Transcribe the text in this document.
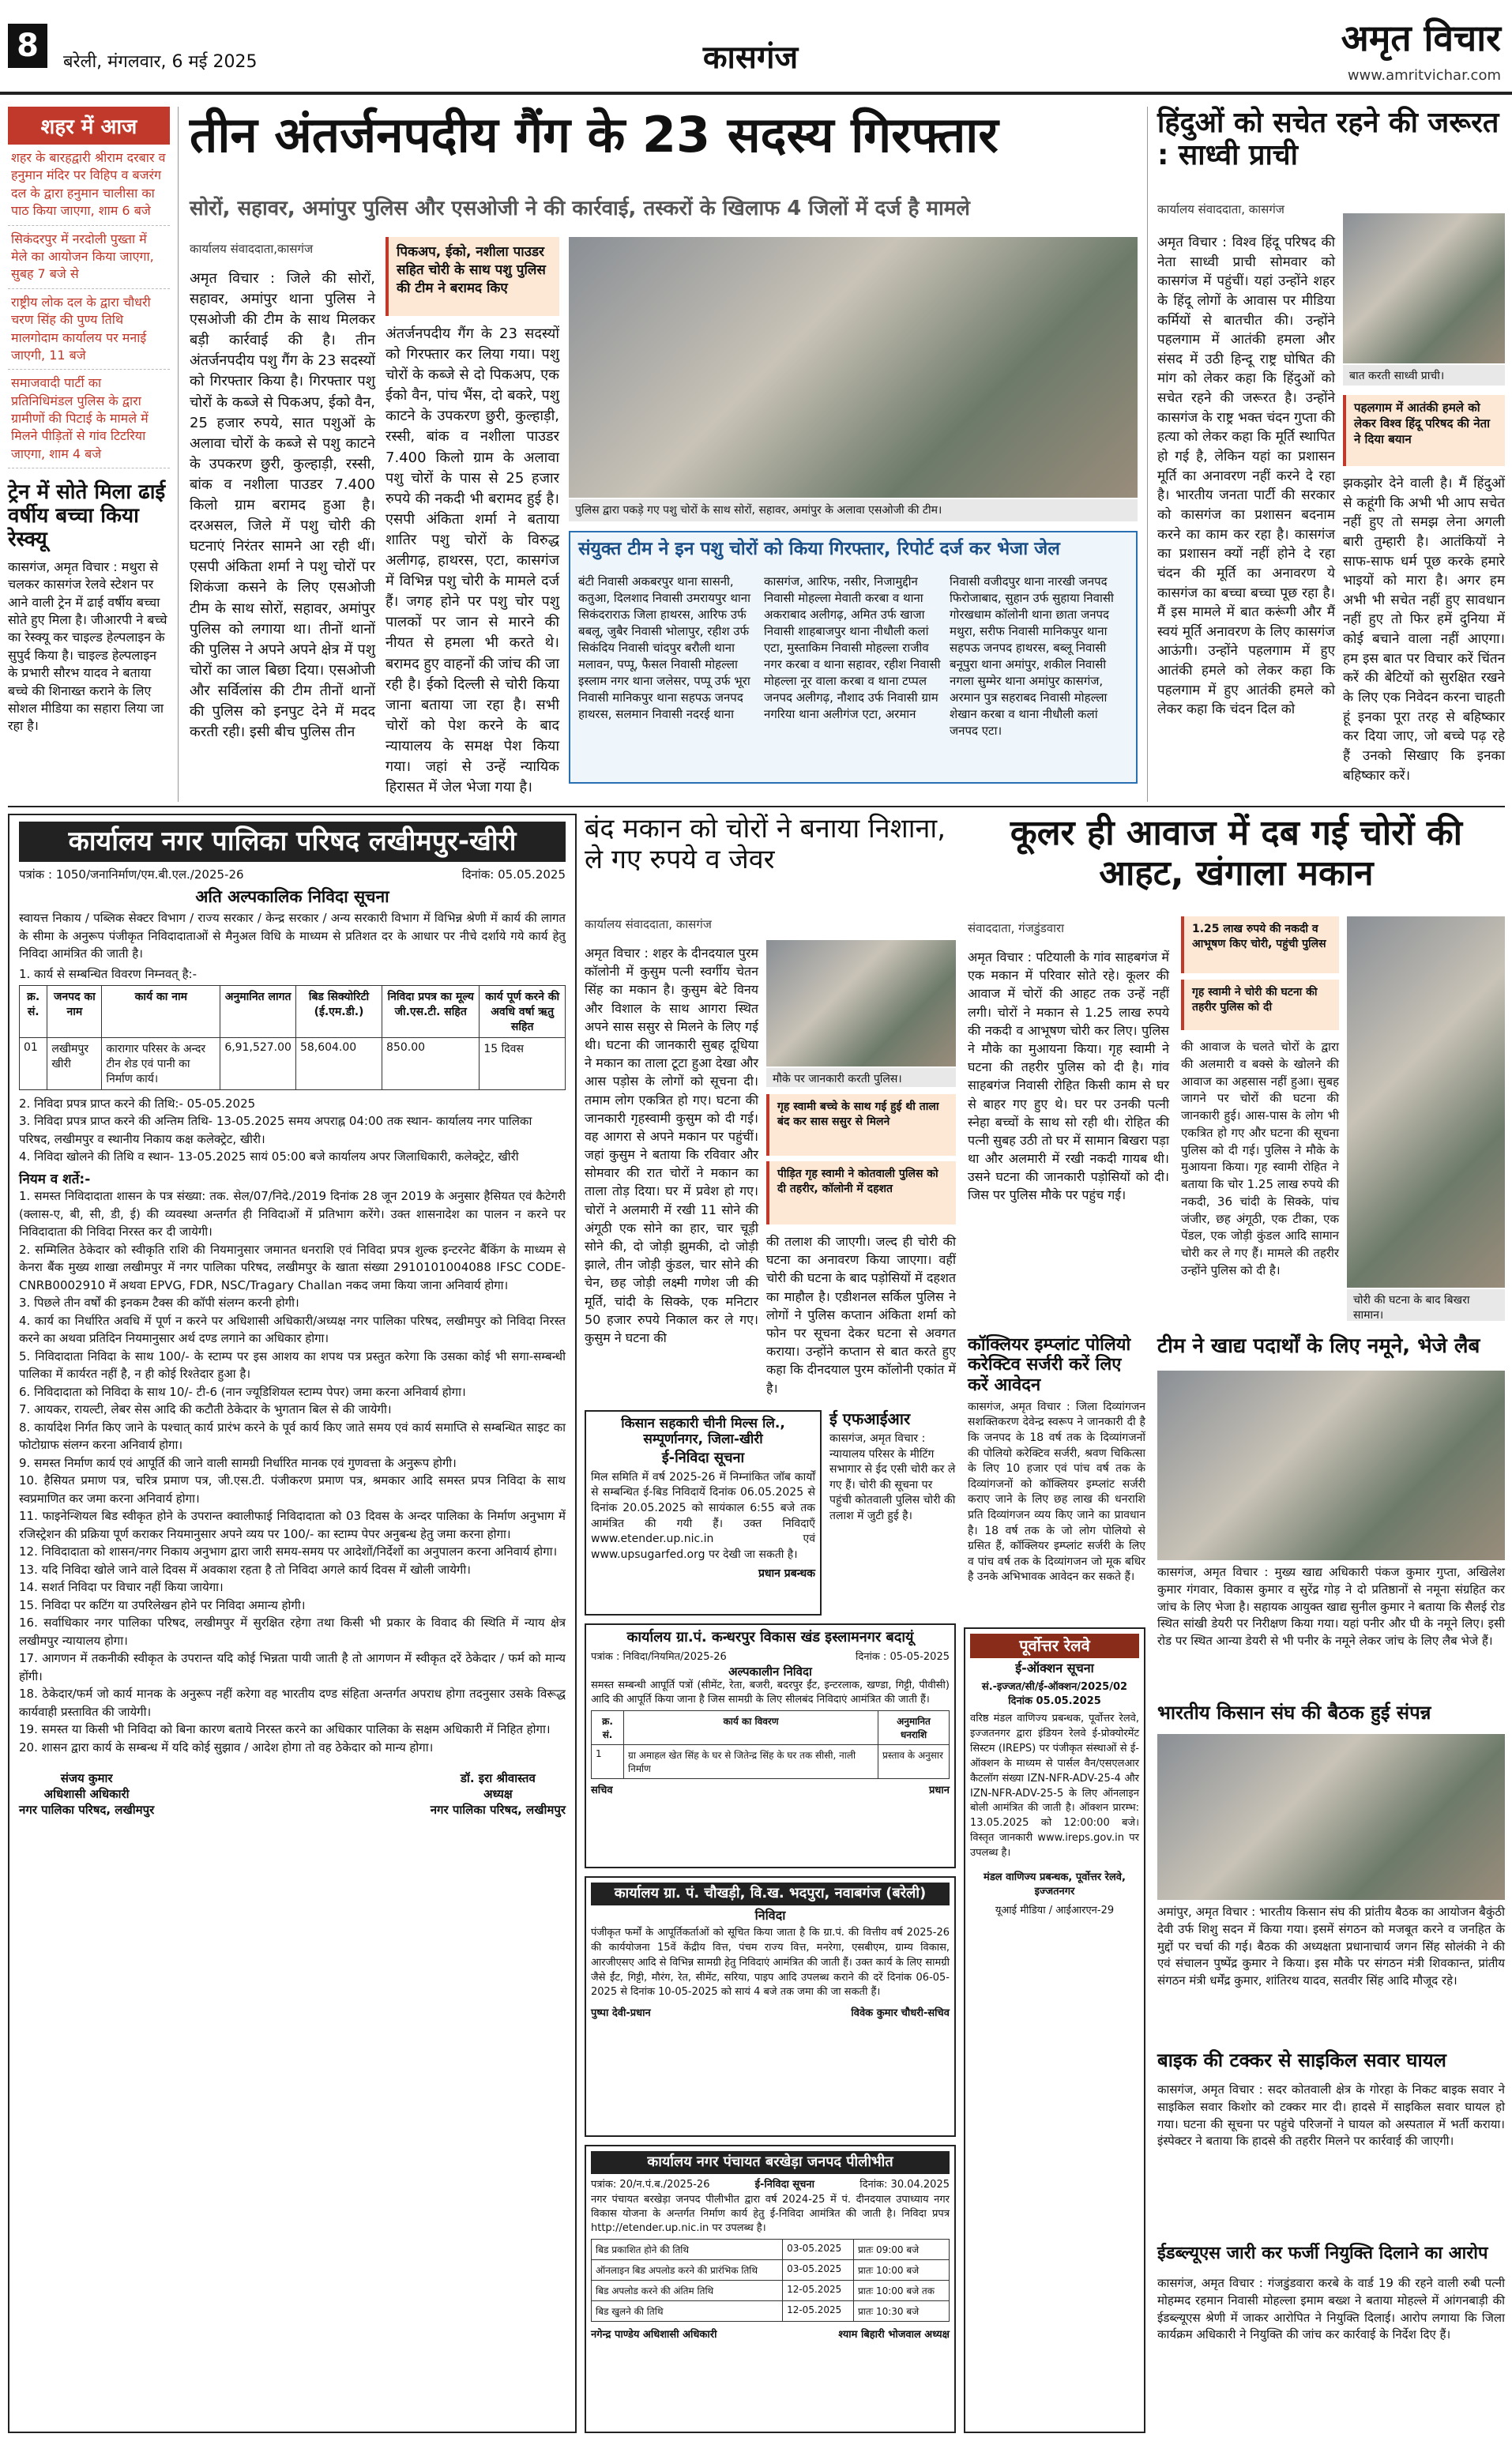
8	बरेली, मंगलवार, 6 मई 2025	कासगंज	अमृत विचार
www.amritvichar.com
शहर में आज
शहर के बारहद्वारी श्रीराम दरबार व हनुमान मंदिर पर विहिप व बजरंग दल के द्वारा हनुमान चालीसा का पाठ किया जाएगा, शाम 6 बजे
सिकंदरपुर में नरदोली पुख्ता में मेले का आयोजन किया जाएगा, सुबह 7 बजे से
राष्ट्रीय लोक दल के द्वारा चौधरी चरण सिंह की पुण्य तिथि मालगोदाम कार्यालय पर मनाई जाएगी, 11 बजे
समाजवादी पार्टी का प्रतिनिधिमंडल पुलिस के द्वारा ग्रामीणों की पिटाई के मामले में मिलने पीड़ितों से गांव टिटरिया जाएगा, शाम 4 बजे
ट्रेन में सोते मिला ढाई वर्षीय बच्चा किया रेस्क्यू
कासगंज, अमृत विचार : मथुरा से चलकर कासगंज रेलवे स्टेशन पर आने वाली ट्रेन में ढाई वर्षीय बच्चा सोते हुए मिला है। जीआरपी ने बच्चे का रेस्क्यू कर चाइल्ड हेल्पलाइन के सुपुर्द किया है। चाइल्ड हेल्पलाइन के प्रभारी सौरभ यादव ने बताया बच्चे की शिनाख्त कराने के लिए सोशल मीडिया का सहारा लिया जा रहा है।
तीन अंतर्जनपदीय गैंग के 23 सदस्य गिरफ्तार
सोरों, सहावर, अमांपुर पुलिस और एसओजी ने की कार्रवाई, तस्करों के खिलाफ 4 जिलों में दर्ज है मामले
कार्यालय संवाददाता,कासगंज
अमृत विचार : जिले की सोरों, सहावर, अमांपुर थाना पुलिस ने एसओजी की टीम के साथ मिलकर बड़ी कार्रवाई की है। तीन अंतर्जनपदीय पशु गैंग के 23 सदस्यों को गिरफ्तार किया है। गिरफ्तार पशु चोरों के कब्जे से पिकअप, ईको वैन, 25 हजार रुपये, सात पशुओं के अलावा चोरों के कब्जे से पशु काटने के उपकरण छुरी, कुल्हाड़ी, रस्सी, बांक व नशीला पाउडर 7.400 किलो ग्राम बरामद हुआ है। दरअसल, जिले में पशु चोरी की घटनाएं निरंतर सामने आ रही थीं। एसपी अंकिता शर्मा ने पशु चोरों पर शिकंजा कसने के लिए एसओजी टीम के साथ सोरों, सहावर, अमांपुर पुलिस को लगाया था। तीनों थानों की पुलिस ने अपने अपने क्षेत्र में पशु चोरों का जाल बिछा दिया। एसओजी और सर्विलांस की टीम तीनों थानों की पुलिस को इनपुट देने में मदद करती रही। इसी बीच पुलिस तीन
पिकअप, ईको, नशीला पाउडर सहित चोरी के साथ पशु पुलिस की टीम ने बरामद किए
अंतर्जनपदीय गैंग के 23 सदस्यों को गिरफ्तार कर लिया गया। पशु चोरों के कब्जे से दो पिकअप, एक ईको वैन, पांच भैंस, दो बकरे, पशु काटने के उपकरण छुरी, कुल्हाड़ी, रस्सी, बांक व नशीला पाउडर 7.400 किलो ग्राम के अलावा पशु चोरों के पास से 25 हजार रुपये की नकदी भी बरामद हुई है। एसपी अंकिता शर्मा ने बताया शातिर पशु चोरों के विरुद्ध अलीगढ़, हाथरस, एटा, कासगंज में विभिन्न पशु चोरी के मामले दर्ज हैं। जगह होने पर पशु चोर पशु पालकों पर जान से मारने की नीयत से हमला भी करते थे। बरामद हुए वाहनों की जांच की जा रही है। ईको दिल्ली से चोरी किया जाना बताया जा रहा है। सभी चोरों को पेश करने के बाद न्यायालय के समक्ष पेश किया गया। जहां से उन्हें न्यायिक हिरासत में जेल भेजा गया है।
पुलिस द्वारा पकड़े गए पशु चोरों के साथ सोरों, सहावर, अमांपुर के अलावा एसओजी की टीम।
संयुक्त टीम ने इन पशु चोरों को किया गिरफ्तार, रिपोर्ट दर्ज कर भेजा जेल
बंटी निवासी अकबरपुर थाना सासनी, कतुआ, दिलशाद निवासी उमरायपुर थाना सिकंदराराऊ जिला हाथरस, आरिफ उर्फ बबलू, जुबैर निवासी भोलापुर, रहीश उर्फ सिकंदिय निवासी चांदपुर बरौली थाना मलावन, पप्पू, फैसल निवासी मोहल्ला इस्लाम नगर थाना जलेसर, पप्पू उर्फ भूरा निवासी मानिकपुर थाना सहपऊ जनपद हाथरस, सलमान निवासी नदरई थाना
कासगंज, आरिफ, नसीर, निजामुद्दीन निवासी मोहल्ला मेवाती करबा व थाना अकराबाद अलीगढ़, अमित उर्फ खाजा निवासी शाहबाजपुर थाना नीधौली कलां एटा, मुस्ताकिम निवासी मोहल्ला राजीव नगर करबा व थाना सहावर, रहीश निवासी मोहल्ला नूर वाला करबा व थाना टप्पल जनपद अलीगढ़, नौशाद उर्फ निवासी ग्राम नगरिया थाना अलीगंज एटा, अरमान
निवासी वजीदपुर थाना नारखी जनपद फिरोजाबाद, सुहान उर्फ सुहाया निवासी गोरखधाम कॉलोनी थाना छाता जनपद मथुरा, सरीफ निवासी मानिकपुर थाना सहपऊ जनपद हाथरस, बब्लू निवासी बनूपुरा थाना अमांपुर, शकील निवासी नगला सुम्मेर थाना अमांपुर कासगंज, अरमान पुत्र सहराबद निवासी मोहल्ला शेखान करबा व थाना नीधौली कलां जनपद एटा।
हिंदुओं को सचेत रहने की जरूरत : साध्वी प्राची
कार्यालय संवाददाता, कासगंज
अमृत विचार : विश्व हिंदू परिषद की नेता साध्वी प्राची सोमवार को कासगंज में पहुंचीं। यहां उन्होंने शहर के हिंदू लोगों के आवास पर मीडिया कर्मियों से बातचीत की। उन्होंने पहलगाम में आतंकी हमला और संसद में उठी हिन्दू राष्ट्र घोषित की मांग को लेकर कहा कि हिंदुओं को सचेत रहने की जरूरत है। उन्होंने कासगंज के राष्ट्र भक्त चंदन गुप्ता की हत्या को लेकर कहा कि मूर्ति स्थापित हो गई है, लेकिन यहां का प्रशासन मूर्ति का अनावरण नहीं करने दे रहा है। भारतीय जनता पार्टी की सरकार को कासगंज का प्रशासन बदनाम करने का काम कर रहा है। कासगंज का प्रशासन क्यों नहीं होने दे रहा चंदन की मूर्ति का अनावरण ये कासगंज का बच्चा बच्चा पूछ रहा है। मैं इस मामले में बात करूंगी और मैं स्वयं मूर्ति अनावरण के लिए कासगंज आऊंगी। उन्होंने पहलगाम में हुए आतंकी हमले को लेकर कहा कि पहलगाम में हुए आतंकी हमले को लेकर कहा कि चंदन दिल को
बात करती साध्वी प्राची।
पहलगाम में आतंकी हमले को लेकर विश्व हिंदू परिषद की नेता ने दिया बयान
झकझोर देने वाली है। मैं हिंदुओं से कहूंगी कि अभी भी आप सचेत नहीं हुए तो समझ लेना अगली बारी तुम्हारी है। आतंकियों ने साफ-साफ धर्म पूछ करके हमारे भाइयों को मारा है। अगर हम अभी भी सचेत नहीं हुए सावधान नहीं हुए तो फिर हमें दुनिया में कोई बचाने वाला नहीं आएगा। हम इस बात पर विचार करें चिंतन करें की बेटियों को सुरक्षित रखने के लिए एक निवेदन करना चाहती हूं इनका पूरा तरह से बहिष्कार कर दिया जाए, जो बच्चे पढ़ रहे हैं उनको सिखाए कि इनका बहिष्कार करें।
कार्यालय नगर पालिका परिषद लखीमपुर-खीरी
पत्रांक : 1050/जनानिर्माण/एम.बी.एल./2025-26	दिनांक: 05.05.2025
अति अल्पकालिक निविदा सूचना
स्वायत्त निकाय / पब्लिक सेक्टर विभाग / राज्य सरकार / केन्द्र सरकार / अन्य सरकारी विभाग में विभिन्न श्रेणी में कार्य की लागत के सीमा के अनुरूप पंजीकृत निविदादाताओं से मैनुअल विधि के माध्यम से प्रतिशत दर के आधार पर नीचे दर्शाये गये कार्य हेतु निविदा आमंत्रित की जाती है।
1. कार्य से सम्बन्धित विवरण निम्नवत् है:-
क्र. सं.	जनपद का नाम	कार्य का नाम	अनुमानित लागत	बिड सिक्योरिटी (ई.एम.डी.)	निविदा प्रपत्र का मूल्य जी.एस.टी. सहित	कार्य पूर्ण करने की अवधि वर्षा ऋतु सहित
01	लखीमपुर खीरी	कारागार परिसर के अन्दर टीन शेड एवं पानी का निर्माण कार्य।	6,91,527.00	58,604.00	850.00	15 दिवस
2. निविदा प्रपत्र प्राप्त करने की तिथि:- 05-05.2025
3. निविदा प्रपत्र प्राप्त करने की अन्तिम तिथि- 13-05.2025 समय अपराह्न 04:00 तक स्थान- कार्यालय नगर पालिका परिषद, लखीमपुर व स्थानीय निकाय कक्ष कलेक्ट्रेट, खीरी।
4. निविदा खोलने की तिथि व स्थान- 13-05.2025 सायं 05:00 बजे कार्यालय अपर जिलाधिकारी, कलेक्ट्रेट, खीरी
नियम व शर्ते:-
1. समस्त निविदादाता शासन के पत्र संख्या: तक. सेल/07/निदे./2019 दिनांक 28 जून 2019 के अनुसार हैसियत एवं कैटेगरी (क्लास-ए, बी, सी, डी, ई) की व्यवस्था अन्तर्गत ही निविदाओं में प्रतिभाग करेंगे। उक्त शासनादेश का पालन न करने पर निविदादाता की निविदा निरस्त कर दी जायेगी।
2. सम्मिलित ठेकेदार को स्वीकृति राशि की नियमानुसार जमानत धनराशि एवं निविदा प्रपत्र शुल्क इन्टरनेट बैंकिंग के माध्यम से केनरा बैंक मुख्य शाखा लखीमपुर में नगर पालिका परिषद, लखीमपुर के खाता संख्या 2910101004088 IFSC CODE- CNRB0002910 में अथवा EPVG, FDR, NSC/Tragary Challan नकद जमा किया जाना अनिवार्य होगा।
3. पिछले तीन वर्षों की इनकम टैक्स की कॉपी संलग्न करनी होगी।
4. कार्य का निर्धारित अवधि में पूर्ण न करने पर अधिशासी अधिकारी/अध्यक्ष नगर पालिका परिषद, लखीमपुर को निविदा निरस्त करने का अथवा प्रतिदिन नियमानुसार अर्थ दण्ड लगाने का अधिकार होगा।
5. निविदादाता निविदा के साथ 100/- के स्टाम्प पर इस आशय का शपथ पत्र प्रस्तुत करेगा कि उसका कोई भी सगा-सम्बन्धी पालिका में कार्यरत नहीं है, न ही कोई रिश्तेदार हुआ है।
6. निविदादाता को निविदा के साथ 10/- टी-6 (नान ज्यूडिशियल स्टाम्प पेपर) जमा करना अनिवार्य होगा।
7. आयकर, रायल्टी, लेबर सेस आदि की कटौती ठेकेदार के भुगतान बिल से की जायेगी।
8. कार्यादेश निर्गत किए जाने के पश्चात् कार्य प्रारंभ करने के पूर्व कार्य किए जाते समय एवं कार्य समाप्ति से सम्बन्धित साइट का फोटोग्राफ संलग्न करना अनिवार्य होगा।
9. समस्त निर्माण कार्य एवं आपूर्ति की जाने वाली सामग्री निर्धारित मानक एवं गुणवत्ता के अनुरूप होगी।
10. हैसियत प्रमाण पत्र, चरित्र प्रमाण पत्र, जी.एस.टी. पंजीकरण प्रमाण पत्र, श्रमकार आदि समस्त प्रपत्र निविदा के साथ स्वप्रमाणित कर जमा करना अनिवार्य होगा।
11. फाइनेन्शियल बिड स्वीकृत होने के उपरान्त क्वालीफाई निविदादाता को 03 दिवस के अन्दर पालिका के निर्माण अनुभाग में रजिस्ट्रेशन की प्रक्रिया पूर्ण कराकर नियमानुसार अपने व्यय पर 100/- का स्टाम्प पेपर अनुबन्ध हेतु जमा करना होगा।
12. निविदादाता को शासन/नगर निकाय अनुभाग द्वारा जारी समय-समय पर आदेशों/निर्देशों का अनुपालन करना अनिवार्य होगा।
13. यदि निविदा खोले जाने वाले दिवस में अवकाश रहता है तो निविदा अगले कार्य दिवस में खोली जायेगी।
14. सशर्त निविदा पर विचार नहीं किया जायेगा।
15. निविदा पर कटिंग या उपरिलेखन होने पर निविदा अमान्य होगी।
16. सर्वाधिकार नगर पालिका परिषद, लखीमपुर में सुरक्षित रहेगा तथा किसी भी प्रकार के विवाद की स्थिति में न्याय क्षेत्र लखीमपुर न्यायालय होगा।
17. आगणन में तकनीकी स्वीकृत के उपरान्त यदि कोई भिन्नता पायी जाती है तो आगणन में स्वीकृत दरें ठेकेदार / फर्म को मान्य होंगी।
18. ठेकेदार/फर्म जो कार्य मानक के अनुरूप नहीं करेगा वह भारतीय दण्ड संहिता अन्तर्गत अपराध होगा तदनुसार उसके विरूद्ध कार्यवाही प्रस्तावित की जायेगी।
19. समस्त या किसी भी निविदा को बिना कारण बताये निरस्त करने का अधिकार पालिका के सक्षम अधिकारी में निहित होगा।
20. शासन द्वारा कार्य के सम्बन्ध में यदि कोई सुझाव / आदेश होगा तो वह ठेकेदार को मान्य होगा।
संजय कुमार
अधिशासी अधिकारी
नगर पालिका परिषद, लखीमपुर
डॉ. इरा श्रीवास्तव
अध्यक्ष
नगर पालिका परिषद, लखीमपुर
बंद मकान को चोरों ने बनाया निशाना, ले गए रुपये व जेवर
कार्यालय संवाददाता, कासगंज
अमृत विचार : शहर के दीनदयाल पुरम कॉलोनी में कुसुम पत्नी स्वर्गीय चेतन सिंह का मकान है। कुसुम बेटे विनय और विशाल के साथ आगरा स्थित अपने सास ससुर से मिलने के लिए गई थी। घटना की जानकारी सुबह दूधिया ने मकान का ताला टूटा हुआ देखा और आस पड़ोस के लोगों को सूचना दी। तमाम लोग एकत्रित हो गए। घटना की जानकारी गृहस्वामी कुसुम को दी गई। वह आगरा से अपने मकान पर पहुंचीं। जहां कुसुम ने बताया कि रविवार और सोमवार की रात चोरों ने मकान का ताला तोड़ दिया। घर में प्रवेश हो गए। चोरों ने अलमारी में रखी 11 सोने की अंगूठी एक सोने का हार, चार चूड़ी सोने की, दो जोड़ी झुमकी, दो जोड़ी झाले, तीन जोड़ी कुंडल, चार सोने की चेन, छह जोड़ी लक्ष्मी गणेश जी की मूर्ति, चांदी के सिक्के, एक मनिटार 50 हजार रुपये निकाल कर ले गए। कुसुम ने घटना की
मौके पर जानकारी करती पुलिस।
गृह स्वामी बच्चे के साथ गई हुई थी ताला बंद कर सास ससुर से मिलने
पीड़ित गृह स्वामी ने कोतवाली पुलिस को दी तहरीर, कॉलोनी में दहशत
की तलाश की जाएगी। जल्द ही चोरी की घटना का अनावरण किया जाएगा। वहीं चोरी की घटना के बाद पड़ोसियों में दहशत का माहौल है। एडीशनल सर्किल पुलिस ने लोगों ने पुलिस कप्तान अंकिता शर्मा को फोन पर सूचना देकर घटना से अवगत कराया। उन्होंने कप्तान से बात करते हुए कहा कि दीनदयाल पुरम कॉलोनी एकांत में है।
कूलर ही आवाज में दब गई चोरों की आहट, खंगाला मकान
संवाददाता, गंजडुंडवारा	1.25 लाख रुपये की नकदी व आभूषण किए चोरी, पहुंची पुलिस
गृह स्वामी ने चोरी की घटना की तहरीर पुलिस को दी
अमृत विचार : पटियाली के गांव साहबगंज में एक मकान में परिवार सोते रहे। कूलर की आवाज में चोरों की आहट तक उन्हें नहीं लगी। चोरों ने मकान से 1.25 लाख रुपये की नकदी व आभूषण चोरी कर लिए। पुलिस ने मौके का मुआयना किया। गृह स्वामी ने घटना की तहरीर पुलिस को दी है। गांव साहबगंज निवासी रोहित किसी काम से घर से बाहर गए हुए थे। घर पर उनकी पत्नी स्नेहा बच्चों के साथ सो रही थी। रोहित की पत्नी सुबह उठी तो घर में सामान बिखरा पड़ा था और अलमारी में रखी नकदी गायब थी। उसने घटना की जानकारी पड़ोसियों को दी। जिस पर पुलिस मौके पर पहुंच गई।
चोरी की घटना के बाद बिखरा सामान।
की आवाज के चलते चोरों के द्वारा की अलमारी व बक्से के खोलने की आवाज का अहसास नहीं हुआ। सुबह जागने पर चोरों की घटना की जानकारी हुई। आस-पास के लोग भी एकत्रित हो गए और घटना की सूचना पुलिस को दी गई। पुलिस ने मौके के मुआयना किया। गृह स्वामी रोहित ने बताया कि चोर 1.25 लाख रुपये की नकदी, 36 चांदी के सिक्के, पांच जंजीर, छह अंगूठी, एक टीका, एक पेंडल, एक जोड़ी कुंडल आदि सामान चोरी कर ले गए हैं। मामले की तहरीर उन्होंने पुलिस को दी है।
किसान सहकारी चीनी मिल्स लि., सम्पूर्णानगर, जिला-खीरी
ई-निविदा सूचना
मिल समिति में वर्ष 2025-26 में निम्नांकित जॉब कार्यों से सम्बन्धित ई-बिड निविदायें दिनांक 06.05.2025 से दिनांक 20.05.2025 को सायंकाल 6:55 बजे तक आमंत्रित की गयी हैं। उक्त निविदाएँ www.etender.up.nic.in एवं www.upsugarfed.org पर देखी जा सकती है।
प्रधान प्रबन्धक
ई एफआईआर
कासगंज, अमृत विचार : न्यायालय परिसर के मीटिंग सभागार से ईद एसी चोरी कर ले गए हैं। चोरी की सूचना पर पहुंची कोतवाली पुलिस चोरी की तलाश में जुटी हुई है।
कॉक्लियर इम्प्लांट पोलियो करेक्टिव सर्जरी करें लिए करें आवेदन
कासगंज, अमृत विचार : जिला दिव्यांगजन सशक्तिकरण देवेन्द्र स्वरूप ने जानकारी दी है कि जनपद के 18 वर्ष तक के दिव्यांगजनों की पोलियो करेक्टिव सर्जरी, श्रवण चिकित्सा के लिए 10 हजार एवं पांच वर्ष तक के दिव्यांगजनों को कॉक्लियर इम्प्लांट सर्जरी कराए जाने के लिए छह लाख की धनराशि प्रति दिव्यांगजन व्यय किए जाने का प्रावधान है। 18 वर्ष तक के जो लोग पोलियो से ग्रसित हैं, कॉक्लियर इम्प्लांट सर्जरी के लिए व पांच वर्ष तक के दिव्यांगजन जो मूक बधिर है उनके अभिभावक आवेदन कर सकते हैं।
कार्यालय ग्रा.पं. कन्धरपुर विकास खंड इस्लामनगर बदायूं
पत्रांक : निविदा/नियमित/2025-26	दिनांक : 05-05-2025
अल्पकालीन निविदा
समस्त सम्बन्धी आपूर्ति पत्रों (सीमेंट, रेता, बजरी, बदरपुर ईंट, इन्टरलाक, खण्डा, गिट्टी, पीवीसी) आदि की आपूर्ति किया जाना है जिस सामग्री के लिए सीलबंद निविदाएं आमंत्रित की जाती हैं।
क्र. सं.	कार्य का विवरण	अनुमानित धनराशि
1	ग्रा अमाहल खेत सिंह के घर से जितेन्द्र सिंह के घर तक सीसी, नाली निर्माण	प्रस्ताव के अनुसार
सचिव	प्रधान
कार्यालय ग्रा. पं. चौखड़ी, वि.ख. भदपुरा, नवाबगंज (बरेली)
निविदा
पंजीकृत फर्मों के आपूर्तिकर्ताओं को सूचित किया जाता है कि ग्रा.पं. की वित्तीय वर्ष 2025-26 की कार्ययोजना 15वें केंद्रीय वित्त, पंचम राज्य वित्त, मनरेगा, एसबीएम, ग्राम्य विकास, आरजीएसए आदि से विभिन्न सामग्री हेतु निविदाएं आमंत्रित की जाती हैं। उक्त कार्य के लिए सामग्री जैसे ईंट, गिट्टी, मौरंग, रेत, सीमेंट, सरिया, पाइप आदि उपलब्ध कराने की दरें दिनांक 06-05-2025 से दिनांक 10-05-2025 को सायं 4 बजे तक जमा की जा सकती हैं।
पुष्पा देवी-प्रधान	विवेक कुमार चौधरी-सचिव
कार्यालय नगर पंचायत बरखेड़ा जनपद पीलीभीत
पत्रांक: 20/न.पं.ब./2025-26	ई-निविदा सूचना	दिनांक: 30.04.2025
नगर पंचायत बरखेड़ा जनपद पीलीभीत द्वारा वर्ष 2024-25 में पं. दीनदयाल उपाध्याय नगर विकास योजना के अन्तर्गत निर्माण कार्य हेतु ई-निविदा आमंत्रित की जाती है। निविदा प्रपत्र http://etender.up.nic.in पर उपलब्ध है।
बिड प्रकाशित होने की तिथि	03-05.2025	प्रातः 09:00 बजे
ऑनलाइन बिड अपलोड करने की प्रारंभिक तिथि	03-05.2025	प्रातः 10:00 बजे
बिड अपलोड करने की अंतिम तिथि	12-05.2025	प्रातः 10:00 बजे तक
बिड खुलने की तिथि	12-05.2025	प्रातः 10:30 बजे
नगेन्द्र पाण्डेय अधिशासी अधिकारी	श्याम बिहारी भोजवाल अध्यक्ष
पूर्वोत्तर रेलवे
ई-ऑक्शन सूचना
सं.-इज्जत/सी/ई-ऑक्शन/2025/02 दिनांक 05.05.2025
वरिष्ठ मंडल वाणिज्य प्रबन्धक, पूर्वोत्तर रेलवे, इज्जतनगर द्वारा इंडियन रेलवे ई-प्रोक्योरमेंट सिस्टम (IREPS) पर पंजीकृत संस्थाओं से ई-ऑक्शन के माध्यम से पार्सल वैन/एसएलआर कैटलॉग संख्या IZN-NFR-ADV-25-4 और IZN-NFR-ADV-25-5 के लिए ऑनलाइन बोली आमंत्रित की जाती है। ऑक्शन प्रारम्भ: 13.05.2025 को 12:00:00 बजे। विस्तृत जानकारी www.ireps.gov.in पर उपलब्ध है।
मंडल वाणिज्य प्रबन्धक, पूर्वोत्तर रेलवे, इज्जतनगर
यूआई मीडिया / आईआरएन-29
टीम ने खाद्य पदार्थों के लिए नमूने, भेजे लैब
कासगंज, अमृत विचार : मुख्य खाद्य अधिकारी पंकज कुमार गुप्ता, अखिलेश कुमार गंगवार, विकास कुमार व सुरेंद्र गोड़ ने दो प्रतिष्ठानों से नमूना संग्रहित कर जांच के लिए भेजा है। सहायक आयुक्त खाद्य सुनील कुमार ने बताया कि सैलई रोड स्थित सांखी डेयरी पर निरीक्षण किया गया। यहां पनीर और घी के नमूने लिए। इसी रोड पर स्थित आन्या डेयरी से भी पनीर के नमूने लेकर जांच के लिए लैब भेजे हैं।
भारतीय किसान संघ की बैठक हुई संपन्न
अमांपुर, अमृत विचार : भारतीय किसान संघ की प्रांतीय बैठक का आयोजन बैकुंठी देवी उर्फ शिशु सदन में किया गया। इसमें संगठन को मजबूत करने व जनहित के मुद्दों पर चर्चा की गई। बैठक की अध्यक्षता प्रधानाचार्य जगन सिंह सोलंकी ने की एवं संचालन पुष्पेंद्र कुमार ने किया। इस मौके पर संगठन मंत्री शिवकान्त, प्रांतीय संगठन मंत्री धर्मेंद्र कुमार, शांतिरथ यादव, सतवीर सिंह आदि मौजूद रहे।
बाइक की टक्कर से साइकिल सवार घायल
कासगंज, अमृत विचार : सदर कोतवाली क्षेत्र के गोरहा के निकट बाइक सवार ने साइकिल सवार किशोर को टक्कर मार दी। हादसे में साइकिल सवार घायल हो गया। घटना की सूचना पर पहुंचे परिजनों ने घायल को अस्पताल में भर्ती कराया। इंस्पेक्टर ने बताया कि हादसे की तहरीर मिलने पर कार्रवाई की जाएगी।
ईडब्ल्यूएस जारी कर फर्जी नियुक्ति दिलाने का आरोप
कासगंज, अमृत विचार : गंजडुंडवारा करबे के वार्ड 19 की रहने वाली रुबी पत्नी मोहम्मद रहमान निवासी मोहल्ला इमाम बख्श ने बताया मोहल्ले में आंगनबाड़ी की ईडब्ल्यूएस श्रेणी में जाकर आरोपित ने नियुक्ति दिलाई। आरोप लगाया कि जिला कार्यक्रम अधिकारी ने नियुक्ति की जांच कर कार्रवाई के निर्देश दिए हैं।
